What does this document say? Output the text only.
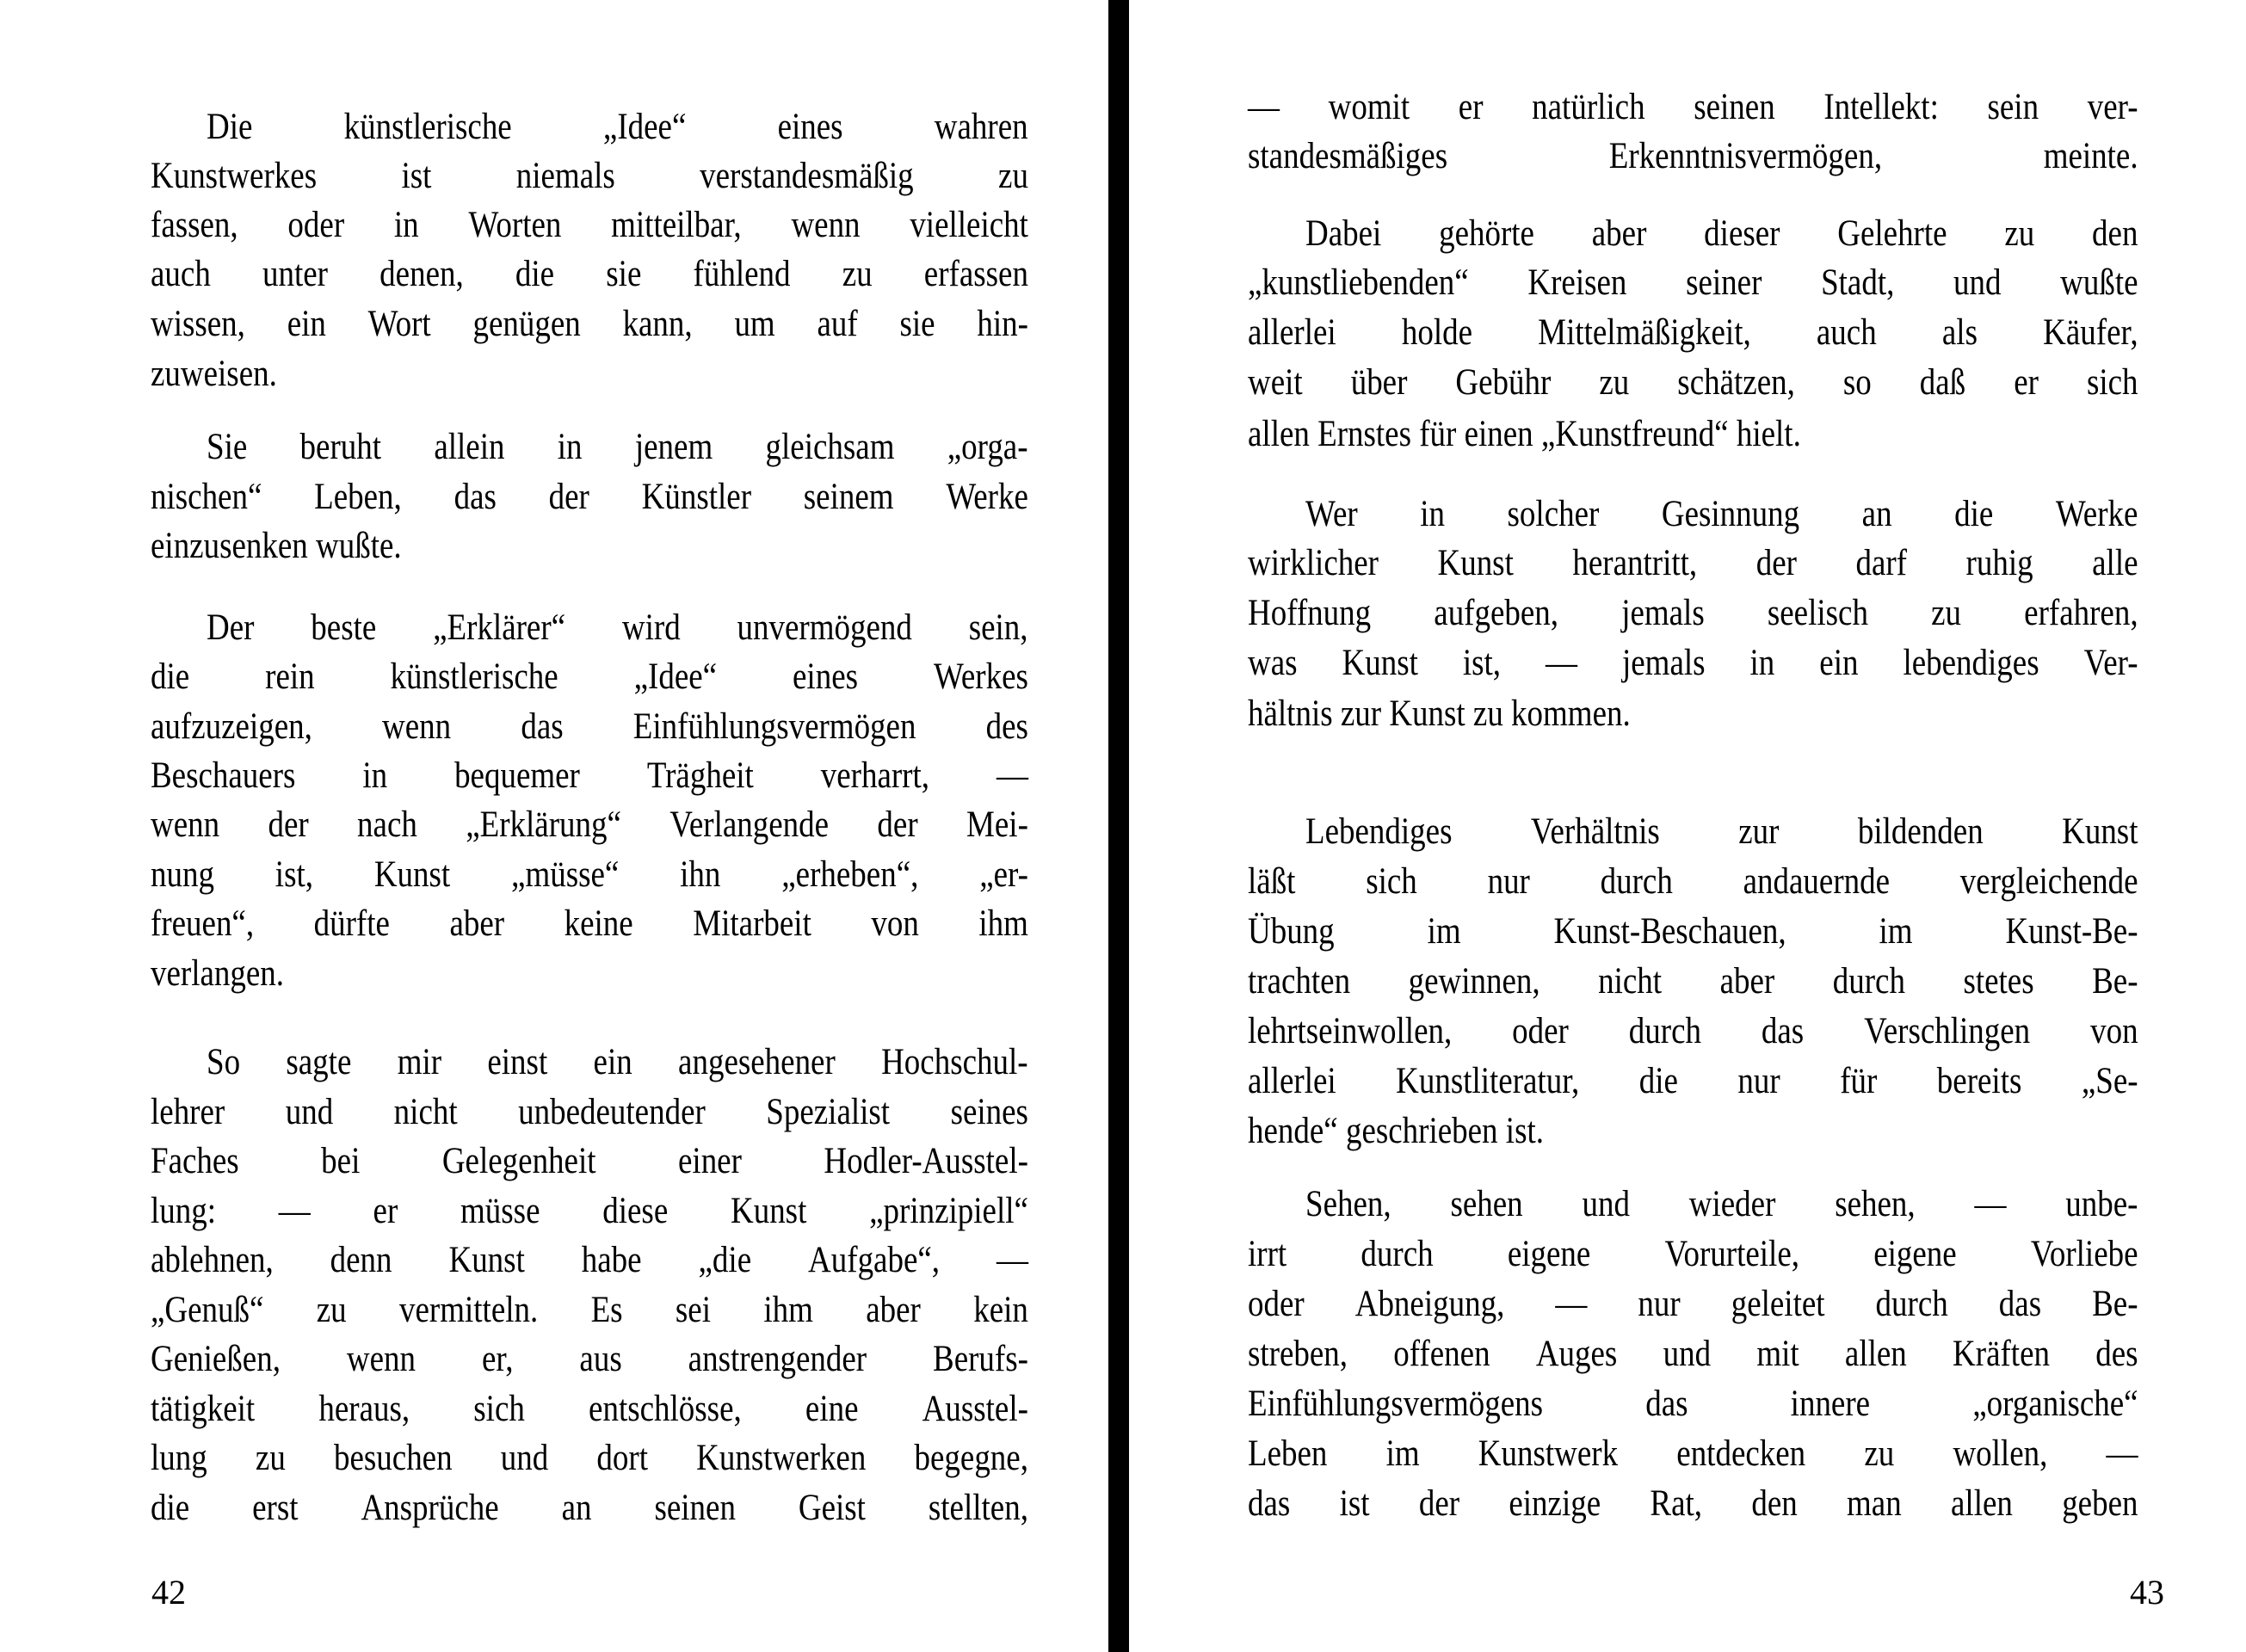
Die künstlerische „Idee“ eines wahren
Kunstwerkes ist niemals verstandesmäßig zu
fassen, oder in Worten mitteilbar, wenn vielleicht
auch unter denen, die sie fühlend zu erfassen
wissen, ein Wort genügen kann, um auf sie hin-
zuweisen.
Sie beruht allein in jenem gleichsam „orga-
nischen“ Leben, das der Künstler seinem Werke
einzusenken wußte.
Der beste „Erklärer“ wird unvermögend sein,
die rein künstlerische „Idee“ eines Werkes
aufzuzeigen, wenn das Einfühlungsvermögen des
Beschauers in bequemer Trägheit verharrt, —
wenn der nach „Erklärung“ Verlangende der Mei-
nung ist, Kunst „müsse“ ihn „erheben“, „er-
freuen“, dürfte aber keine Mitarbeit von ihm
verlangen.
So sagte mir einst ein angesehener Hochschul-
lehrer und nicht unbedeutender Spezialist seines
Faches bei Gelegenheit einer Hodler-Ausstel-
lung: — er müsse diese Kunst „prinzipiell“
ablehnen, denn Kunst habe „die Aufgabe“, —
„Genuß“ zu vermitteln. Es sei ihm aber kein
Genießen, wenn er, aus anstrengender Berufs-
tätigkeit heraus, sich entschlösse, eine Ausstel-
lung zu besuchen und dort Kunstwerken begegne,
die erst Ansprüche an seinen Geist stellten,
42
— womit er natürlich seinen Intellekt: sein ver-
standesmäßiges	Erkenntnisvermögen,	meinte.
Dabei gehörte aber dieser Gelehrte zu den
„kunstliebenden“ Kreisen seiner Stadt, und wußte
allerlei holde Mittelmäßigkeit, auch als Käufer,
weit über Gebühr zu schätzen, so daß er sich
allen Ernstes für einen „Kunstfreund“ hielt.
Wer in solcher Gesinnung an die Werke
wirklicher Kunst herantritt, der darf ruhig alle
Hoffnung aufgeben, jemals seelisch zu erfahren,
was Kunst ist, — jemals in ein lebendiges Ver-
hältnis zur Kunst zu kommen.
Lebendiges Verhältnis zur bildenden Kunst
läßt sich nur durch andauernde vergleichende
Übung	im	Kunst-Beschauen,	im	Kunst-Be-
trachten gewinnen, nicht aber durch stetes Be-
lehrtseinwollen, oder durch das Verschlingen von
allerlei Kunstliteratur, die nur für bereits „Se-
hende“ geschrieben ist.
Sehen, sehen und wieder sehen, — unbe-
irrt durch eigene Vorurteile, eigene Vorliebe
oder Abneigung, — nur geleitet durch das Be-
streben, offenen Auges und mit allen Kräften des
Einfühlungsvermögens	das	innere	„organische“
Leben im Kunstwerk entdecken zu wollen, —
das ist der einzige Rat, den man allen geben
43
